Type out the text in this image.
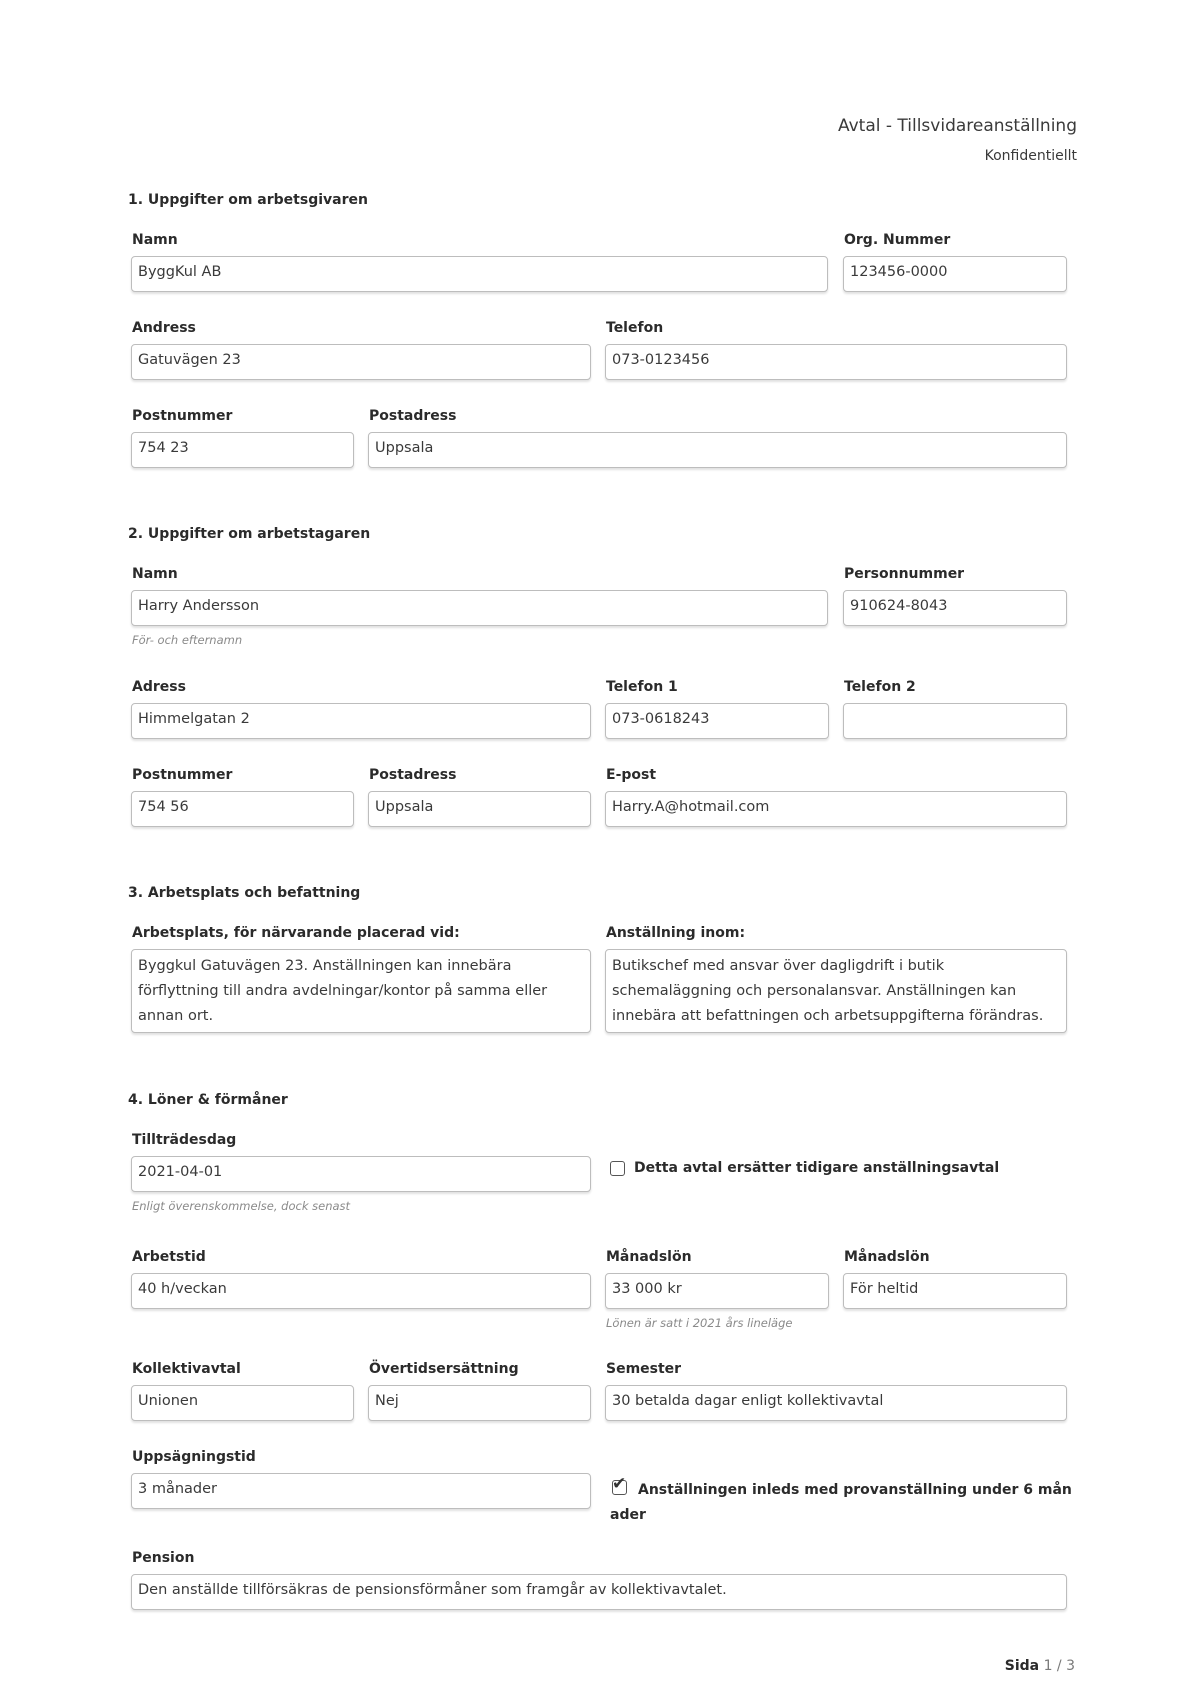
Avtal - Tillsvidareanställning
Konfidentiellt
1. Uppgifter om arbetsgivaren
Namn
ByggKul AB
Org. Nummer
123456-0000
Andress
Gatuvägen 23
Telefon
073-0123456
Postnummer
754 23
Postadress
Uppsala
2. Uppgifter om arbetstagaren
Namn
Harry Andersson
För- och efternamn
Personnummer
910624-8043
Adress
Himmelgatan 2
Telefon 1
073-0618243
Telefon 2
Postnummer
754 56
Postadress
Uppsala
E-post
Harry.A@hotmail.com
3. Arbetsplats och befattning
Arbetsplats, för närvarande placerad vid:
Byggkul Gatuvägen 23. Anställningen kan innebära förflyttning till andra avdelningar/kontor på samma eller annan ort.
Anställning inom:
Butikschef med ansvar över dagligdrift i butik schemaläggning och personalansvar. Anställningen kan innebära att befattningen och arbetsuppgifterna förändras.
4. Löner & förmåner
Tillträdesdag
2021-04-01
Enligt överenskommelse, dock senast
Detta avtal ersätter tidigare anställningsavtal
Arbetstid
40 h/veckan
Månadslön
33 000 kr
Lönen är satt i 2021 års lineläge
Månadslön
För heltid
Kollektivavtal
Unionen
Övertidsersättning
Nej
Semester
30 betalda dagar enligt kollektivavtal
Uppsägningstid
3 månader	✔ Anställningen inleds med provanställning under 6 mån ader
Pension
Den anställde tillförsäkras de pensionsförmåner som framgår av kollektivavtalet.
Sida 1 / 3
